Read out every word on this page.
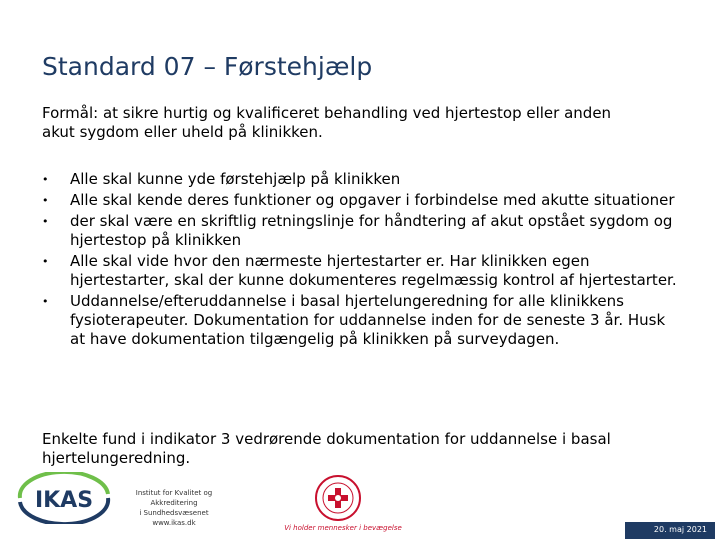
Standard 07 – Førstehjælp
Formål: at sikre hurtig og kvalificeret behandling ved hjertestop eller anden
akut sygdom eller uheld på klinikken.
•	Alle skal kunne yde førstehjælp på klinikken
•	Alle skal kende deres funktioner og opgaver i forbindelse med akutte situationer
•	der skal være en skriftlig retningslinje for håndtering af akut opstået sygdom og hjertestop på klinikken
•	Alle skal vide hvor den nærmeste hjertestarter er. Har klinikken egen hjertestarter, skal der kunne dokumenteres regelmæssig kontrol af hjertestarter.
•	Uddannelse/efteruddannelse i basal hjertelungeredning for alle klinikkens fysioterapeuter. Dokumentation for uddannelse inden for de seneste 3 år. Husk at have dokumentation tilgængelig på klinikken på surveydagen.
Enkelte fund i indikator 3 vedrørende dokumentation for uddannelse i basal
hjertelungeredning.
IKAS	Institut for Kvalitet og Akkreditering
i Sundhedsvæsenet
www.ikas.dk
Vi holder mennesker i bevægelse	20. maj 2021
